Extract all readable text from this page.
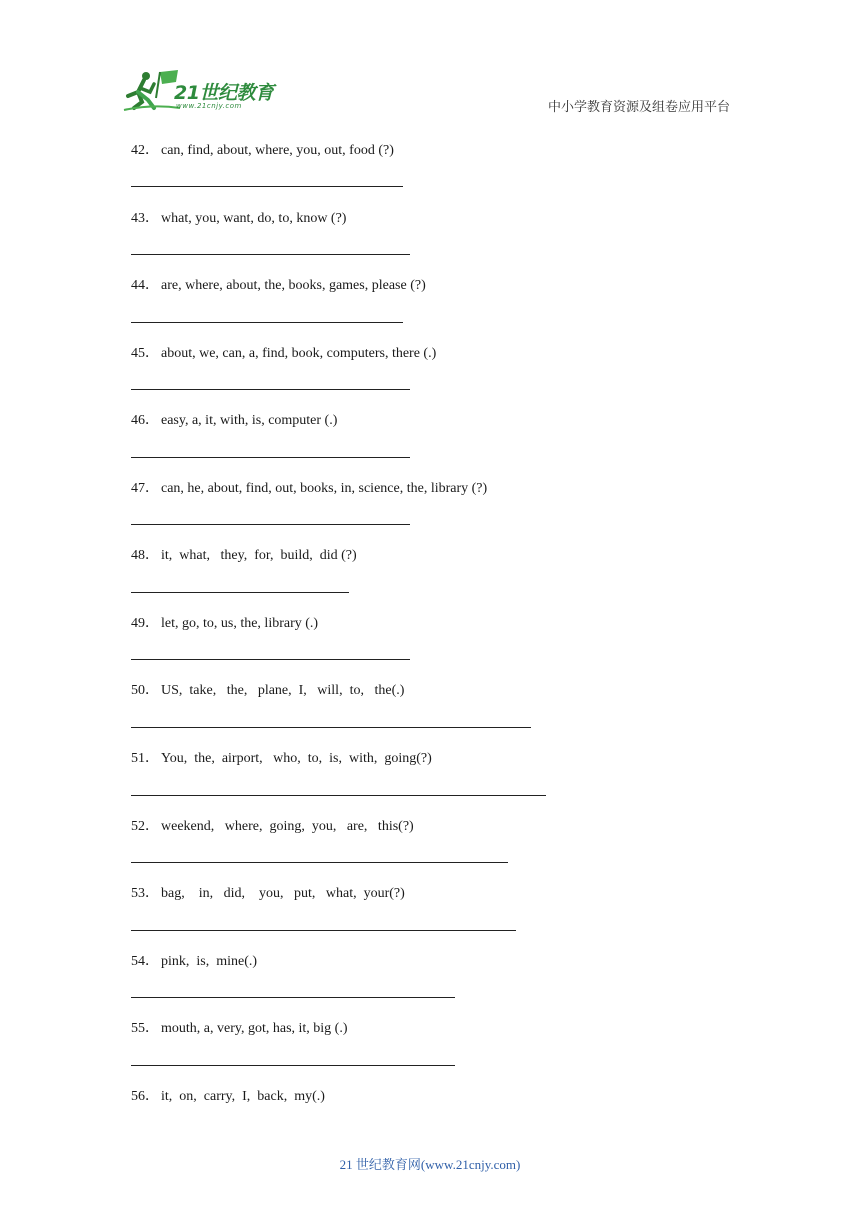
21世纪教育
www.21cnjy.com	中小学教育资源及组卷应用平台
42． can, find, about, where, you, out, food (?)
43． what, you, want, do, to, know (?)
44． are, where, about, the, books, games, please (?)
45． about, we, can, a, find, book, computers, there (.)
46． easy, a, it, with, is, computer (.)
47． can, he, about, find, out, books, in, science, the, library (?)
48． it,  what,   they,  for,  build,  did (?)
49． let, go, to, us, the, library (.)
50． US,  take,   the,   plane,  I,   will,  to,   the(.)
51． You,  the,  airport,   who,  to,  is,  with,  going(?)
52． weekend,   where,  going,  you,   are,   this(?)
53． bag,    in,   did,    you,   put,   what,  your(?)
54． pink,  is,  mine(.)
55． mouth, a, very, got, has, it, big (.)
56． it,  on,  carry,  I,  back,  my(.)
21 世纪教育网(www.21cnjy.com)
